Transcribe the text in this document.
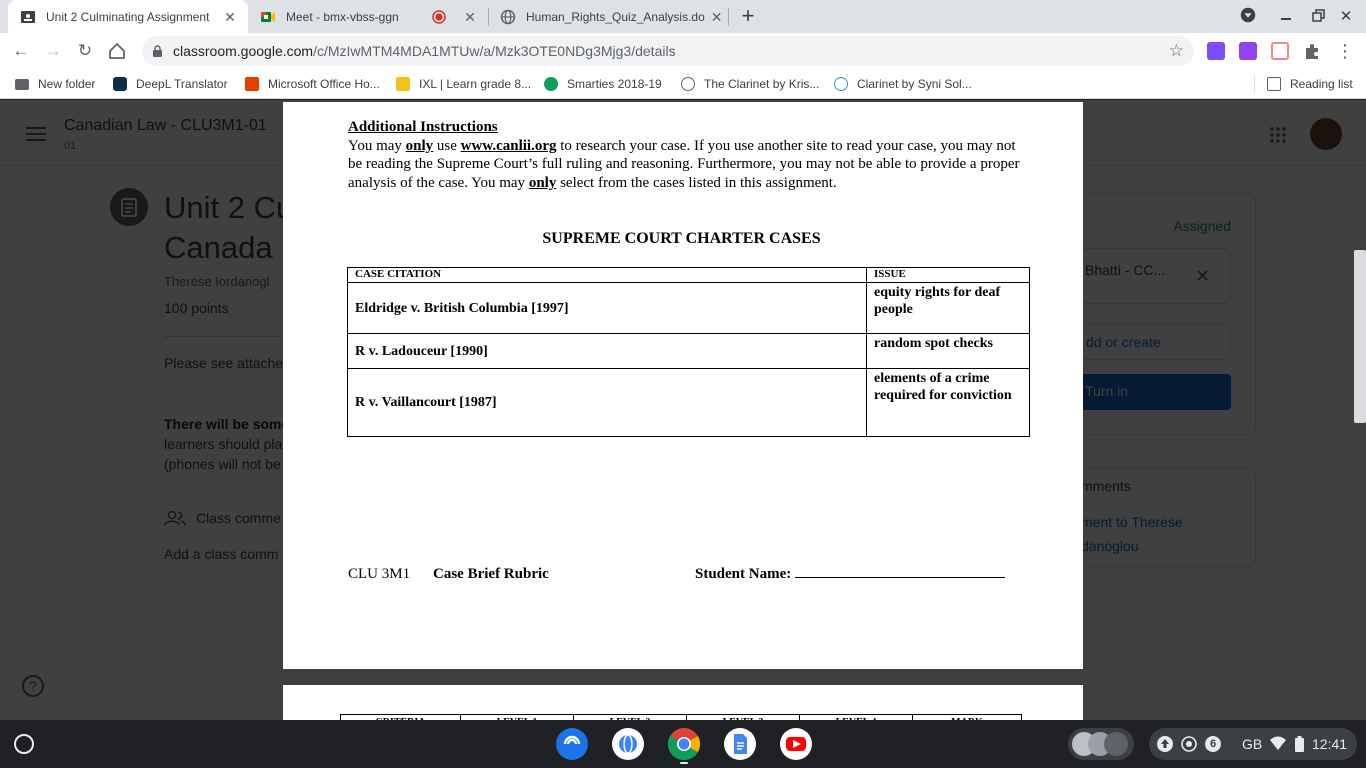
Unit 2 Culminating Assignment	✕	Meet - bmx-vbss-ggn	✕	Human_Rights_Quiz_Analysis.do ✕ +	✕
← → ↻	classroom.google.com/c/MzIwMTM4MDA1MTUw/a/Mzk3OTE0NDg3Mjg3/details	☆	⋮
New folder	DeepL Translator	Microsoft Office Ho...	IXL | Learn grade 8...	Smarties 2018-19	The Clarinet by Kris...	Clarinet by Syni Sol...	Reading list

Additional Instructions
You may only use www.canlii.org to research your case. If you use another site to read your case, you may not be reading the Supreme Court’s full ruling and reasoning. Furthermore, you may not be able to provide a proper analysis of the case. You may only select from the cases listed in this assignment.
SUPREME COURT CHARTER CASES
CASE CITATION	ISSUE
Eldridge v. British Columbia [1997]	equity rights for deaf people
R v. Ladouceur [1990]	random spot checks
R v. Vaillancourt [1987]	elements of a crime required for conviction
CLU 3M1 Case Brief Rubric	Student Name:

6	GB	12:41
